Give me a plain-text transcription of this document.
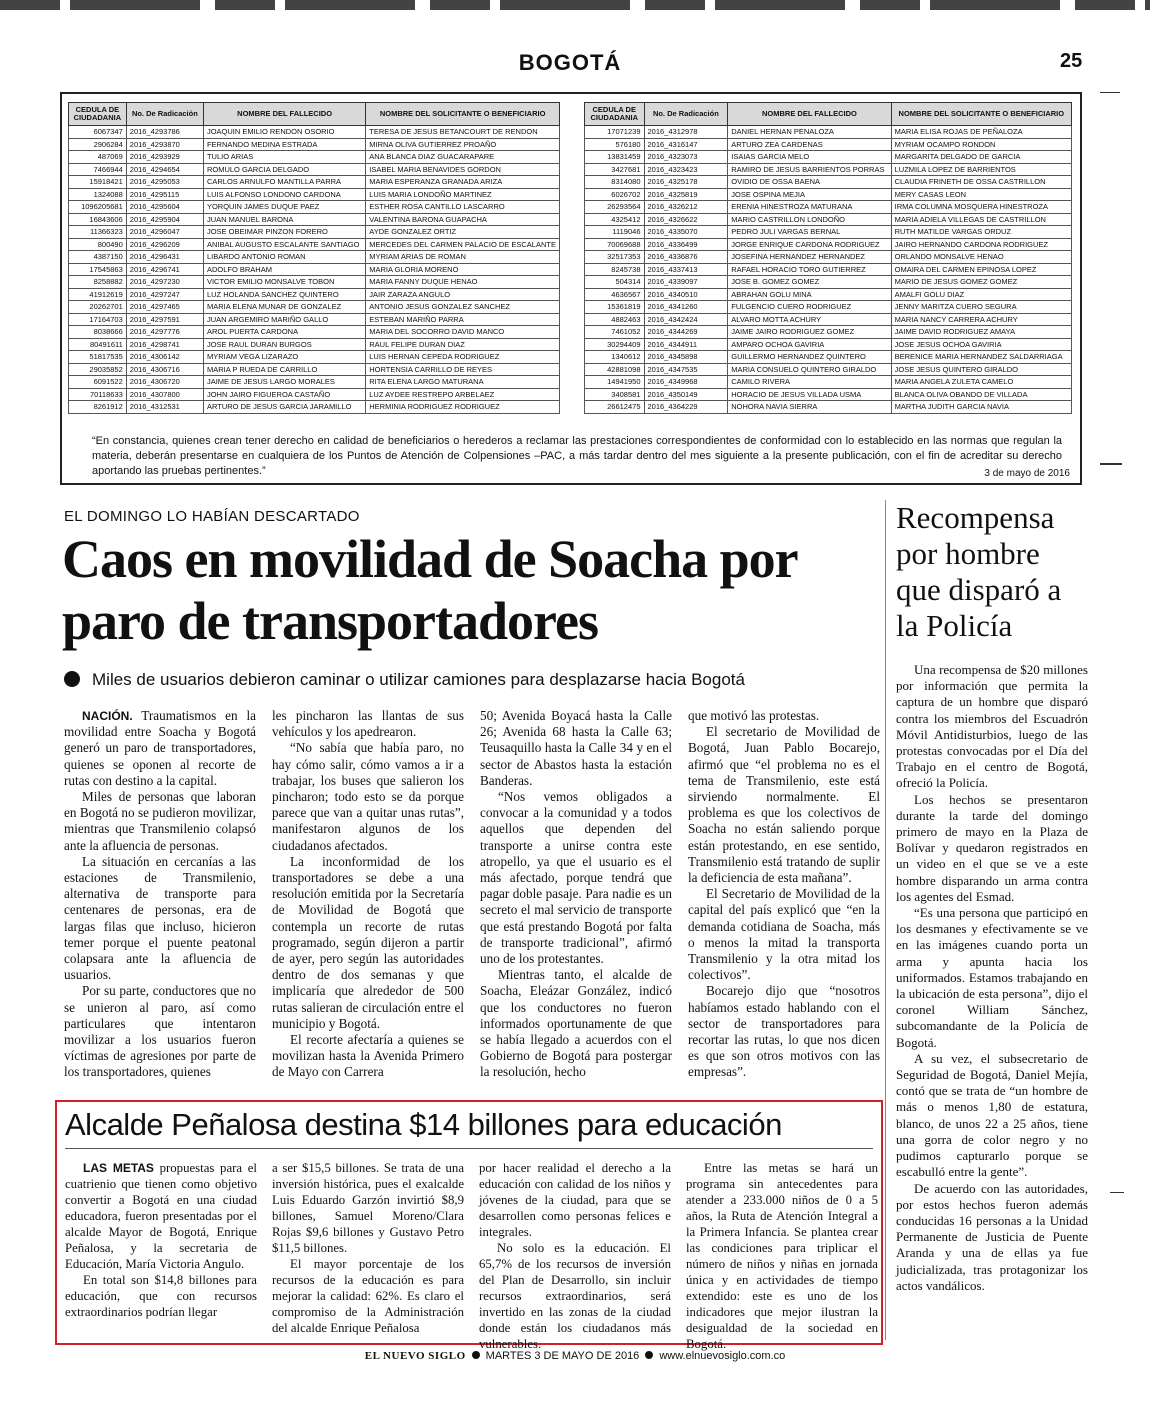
BOGOTÁ	25
CEDULA DE CIUDADANIA	No. De Radicación	NOMBRE DEL FALLECIDO	NOMBRE DEL SOLICITANTE O BENEFICIARIO
6067347	2016_4293786	JOAQUIN EMILIO RENDON OSORIO	TERESA DE JESUS BETANCOURT DE RENDON
2906284	2016_4293870	FERNANDO MEDINA ESTRADA	MIRNA OLIVA GUTIERREZ PROAÑO
487069	2016_4293929	TULIO ARIAS	ANA BLANCA DIAZ GUACARAPARE
7466944	2016_4294654	ROMULO GARCIA DELGADO	ISABEL MARIA BENAVIDES GORDON
15918421	2016_4295053	CARLOS ARNULFO MANTILLA PARRA	MARIA ESPERANZA GRANADA ARIZA
1324088	2016_4295115	LUIS ALFONSO LONDONO CARDONA	LUIS MARIA LONDOÑO MARTINEZ
1096205681	2016_4295604	YORQUIN JAMES DUQUE PAEZ	ESTHER ROSA CANTILLO LASCARRO
16843606	2016_4295904	JUAN MANUEL BARONA	VALENTINA BARONA GUAPACHA
11366323	2016_4296047	JOSE OBEIMAR PINZON FORERO	AYDE GONZALEZ ORTIZ
800490	2016_4296209	ANIBAL AUGUSTO ESCALANTE SANTIAGO	MERCEDES DEL CARMEN PALACIO DE ESCALANTE
4387150	2016_4296431	LIBARDO ANTONIO ROMAN	MYRIAM ARIAS DE ROMAN
17545863	2016_4296741	ADOLFO BRAHAM	MARIA GLORIA MORENO
8258882	2016_4297230	VICTOR EMILIO MONSALVE TOBON	MARIA FANNY DUQUE HENAO
41912619	2016_4297247	LUZ HOLANDA SANCHEZ QUINTERO	JAIR ZARAZA ANGULO
20262701	2016_4297465	MARIA ELENA MUNAR DE GONZALEZ	ANTONIO JESUS GONZALEZ SANCHEZ
17164703	2016_4297591	JUAN ARGEMIRO MARIÑO GALLO	ESTEBAN MARIÑO PARRA
8038666	2016_4297776	AROL PUERTA CARDONA	MARIA DEL SOCORRO DAVID MANCO
80491611	2016_4298741	JOSE RAUL DURAN BURGOS	RAUL FELIPE DURAN DIAZ
51817535	2016_4306142	MYRIAM VEGA LIZARAZO	LUIS HERNAN CEPEDA RODRIGUEZ
29035852	2016_4306716	MARIA P RUEDA DE CARRILLO	HORTENSIA CARRILLO DE REYES
6091522	2016_4306720	JAIME DE JESUS LARGO MORALES	RITA ELENA LARGO MATURANA
70118633	2016_4307800	JOHN JAIRO FIGUEROA CASTAÑO	LUZ AYDEE RESTREPO ARBELAEZ
8261912	2016_4312531	ARTURO DE JESUS GARCIA JARAMILLO	HERMINIA RODRIGUEZ RODRIGUEZ
CEDULA DE CIUDADANIA	No. De Radicación	NOMBRE DEL FALLECIDO	NOMBRE DEL SOLICITANTE O BENEFICIARIO
17071239	2016_4312978	DANIEL HERNAN PENALOZA	MARIA ELISA ROJAS DE PEÑALOZA
576180	2016_4316147	ARTURO ZEA CARDENAS	MYRIAM OCAMPO RONDON
13831459	2016_4323073	ISAIAS GARCIA MELO	MARGARITA DELGADO DE GARCIA
3427681	2016_4323423	RAMIRO DE JESUS BARRIENTOS PORRAS	LUZMILA LOPEZ DE BARRIENTOS
8314080	2016_4325178	OVIDIO DE OSSA BAENA	CLAUDIA FRINETH DE OSSA CASTRILLON
6026702	2016_4325819	JOSE OSPINA MEJIA	MERY CASAS LEON
26293564	2016_4326212	ERENIA HINESTROZA MATURANA	IRMA COLUMNA MOSQUERA HINESTROZA
4325412	2016_4326622	MARIO CASTRILLON LONDOÑO	MARIA ADIELA VILLEGAS DE CASTRILLON
1119046	2016_4335070	PEDRO JULI VARGAS BERNAL	RUTH MATILDE VARGAS ORDUZ
70069688	2016_4336499	JORGE ENRIQUE CARDONA RODRIGUEZ	JAIRO HERNANDO CARDONA RODRIGUEZ
32517353	2016_4336876	JOSEFINA HERNANDEZ HERNANDEZ	ORLANDO MONSALVE HENAO
8245738	2016_4337413	RAFAEL HORACIO TORO GUTIERREZ	OMAIRA DEL CARMEN EPINOSA LOPEZ
504314	2016_4339097	JOSE B. GOMEZ GOMEZ	MARIO DE JESUS GOMEZ GOMEZ
4636567	2016_4340510	ABRAHAN GOLU MINA	AMALFI GOLU DIAZ
15361819	2016_4341260	FULGENCIO CUERO RODRIGUEZ	JENNY MARITZA CUERO SEGURA
4882463	2016_4342424	ALVARO MOTTA ACHURY	MARIA NANCY CARRERA ACHURY
7461052	2016_4344269	JAIME JAIRO RODRIGUEZ GOMEZ	JAIME DAVID RODRIGUEZ AMAYA
30294409	2016_4344911	AMPARO OCHOA GAVIRIA	JOSE JESUS OCHOA GAVIRIA
1340612	2016_4345898	GUILLERMO HERNANDEZ QUINTERO	BERENICE MARIA HERNANDEZ SALDARRIAGA
42881098	2016_4347535	MARIA CONSUELO QUINTERO GIRALDO	JOSE JESUS QUINTERO GIRALDO
14941950	2016_4349968	CAMILO RIVERA	MARIA ANGELA ZULETA CAMELO
3408581	2016_4350149	HORACIO DE JESUS VILLADA USMA	BLANCA OLIVA OBANDO DE VILLADA
26612475	2016_4364229	NOHORA NAVIA SIERRA	MARTHA JUDITH GARCIA NAVIA
“En constancia, quienes crean tener derecho en calidad de beneficiarios o herederos a reclamar las prestaciones correspondientes de conformidad con lo establecido en las normas que regulan la materia, deberán presentarse en cualquiera de los Puntos de Atención de Colpensiones –PAC, a más tardar dentro del mes siguiente a la presente publicación, con el fin de acreditar su derecho aportando las pruebas pertinentes.”	3 de mayo de 2016
EL DOMINGO LO HABÍAN DESCARTADO
Caos en movilidad de Soacha por paro de transportadores
Miles de usuarios debieron caminar o utilizar camiones para desplazarse hacia Bogotá

NACIÓN. Traumatismos en la movilidad entre Soacha y Bogotá generó un paro de transportadores, quienes se oponen al recorte de rutas con destino a la capital.

Miles de personas que laboran en Bogotá no se pudieron movilizar, mientras que Transmilenio colapsó ante la afluencia de personas.

La situación en cercanías a las estaciones de Transmilenio, alternativa de transporte para centenares de personas, era de largas filas que incluso, hicieron temer porque el puente peatonal colapsara ante la afluencia de usuarios.

Por su parte, conductores que no se unieron al paro, así como particulares que intentaron movilizar a los usuarios fueron víctimas de agresiones por parte de los transportadores, quienes

les pincharon las llantas de sus vehículos y los apedrearon.

“No sabía que había paro, no hay cómo salir, cómo vamos a ir a trabajar, los buses que salieron los pincharon; todo esto se da porque parece que van a quitar unas rutas”, manifestaron algunos de los ciudadanos afectados.

La inconformidad de los transportadores se debe a una resolución emitida por la Secretaría de Movilidad de Bogotá que contempla un recorte de rutas programado, según dijeron a partir de ayer, pero según las autoridades dentro de dos semanas y que implicaría que alrededor de 500 rutas salieran de circulación entre el municipio y Bogotá.

El recorte afectaría a quienes se movilizan hasta la Avenida Primero de Mayo con Carrera

50; Avenida Boyacá hasta la Calle 26; Avenida 68 hasta la Calle 63; Teusaquillo hasta la Calle 34 y en el sector de Abastos hasta la estación Banderas.

“Nos vemos obligados a convocar a la comunidad y a todos aquellos que dependen del transporte a unirse contra este atropello, ya que el usuario es el más afectado, porque tendrá que pagar doble pasaje. Para nadie es un secreto el mal servicio de transporte que está prestando Bogotá por falta de transporte tradicional”, afirmó uno de los protestantes.

Mientras tanto, el alcalde de Soacha, Eleázar González, indicó que los conductores no fueron informados oportunamente de que se había llegado a acuerdos con el Gobierno de Bogotá para postergar la resolución, hecho

que motivó las protestas.

El secretario de Movilidad de Bogotá, Juan Pablo Bocarejo, afirmó que “el problema no es el tema de Transmilenio, este está sirviendo normalmente. El problema es que los colectivos de Soacha no están saliendo porque están protestando, en ese sentido, Transmilenio está tratando de suplir la deficiencia de esta mañana”.

El Secretario de Movilidad de la capital del país explicó que “en la demanda cotidiana de Soacha, más o menos la mitad la transporta Transmilenio y la otra mitad los colectivos”.

Bocarejo dijo que “nosotros habíamos estado hablando con el sector de transportadores para recortar las rutas, lo que nos dicen es que son otros motivos con las empresas”.

Recompensa por hombre que disparó a la Policía

Una recompensa de $20 millones por información que permita la captura de un hombre que disparó contra los miembros del Escuadrón Móvil Antidisturbios, luego de las protestas convocadas por el Día del Trabajo en el centro de Bogotá, ofreció la Policía.

Los hechos se presentaron durante la tarde del domingo primero de mayo en la Plaza de Bolívar y quedaron registrados en un video en el que se ve a este hombre disparando un arma contra los agentes del Esmad.

“Es una persona que participó en los desmanes y efectivamente se ve en las imágenes cuando porta un arma y apunta hacia los uniformados. Estamos trabajando en la ubicación de esta persona”, dijo el coronel William Sánchez, subcomandante de la Policía de Bogotá.

A su vez, el subsecretario de Seguridad de Bogotá, Daniel Mejía, contó que se trata de “un hombre de más o menos 1,80 de estatura, blanco, de unos 22 a 25 años, tiene una gorra de color negro y no pudimos capturarlo porque se escabulló entre la gente”.

De acuerdo con las autoridades, por estos hechos fueron además conducidas 16 personas a la Unidad Permanente de Justicia de Puente Aranda y una de ellas ya fue judicializada, tras protagonizar los actos vandálicos.

Alcalde Peñalosa destina $14 billones para educación

LAS METAS propuestas para el cuatrienio que tienen como objetivo convertir a Bogotá en una ciudad educadora, fueron presentadas por el alcalde Mayor de Bogotá, Enrique Peñalosa, y la secretaria de Educación, María Victoria Angulo.

En total son $14,8 billones para educación, que con recursos extraordinarios podrían llegar

a ser $15,5 billones. Se trata de una inversión histórica, pues el exalcalde Luis Eduardo Garzón invirtió $8,9 billones, Samuel Moreno/Clara Rojas $9,6 billones y Gustavo Petro $11,5 billones.

El mayor porcentaje de los recursos de la educación es para mejorar la calidad: 62%. Es claro el compromiso de la Administración del alcalde Enrique Peñalosa

por hacer realidad el derecho a la educación con calidad de los niños y jóvenes de la ciudad, para que se desarrollen como personas felices e integrales.

No solo es la educación. El 65,7% de los recursos de inversión del Plan de Desarrollo, sin incluir recursos extraordinarios, será invertido en las zonas de la ciudad donde están los ciudadanos más vulnerables.

Entre las metas se hará un programa sin antecedentes para atender a 233.000 niños de 0 a 5 años, la Ruta de Atención Integral a la Primera Infancia. Se plantea crear las condiciones para triplicar el número de niños y niñas en jornada única y en actividades de tiempo extendido: este es uno de los indicadores que mejor ilustran la desigualdad de la sociedad en Bogotá.

EL NUEVO SIGLO MARTES 3 DE MAYO DE 2016 www.elnuevosiglo.com.co
